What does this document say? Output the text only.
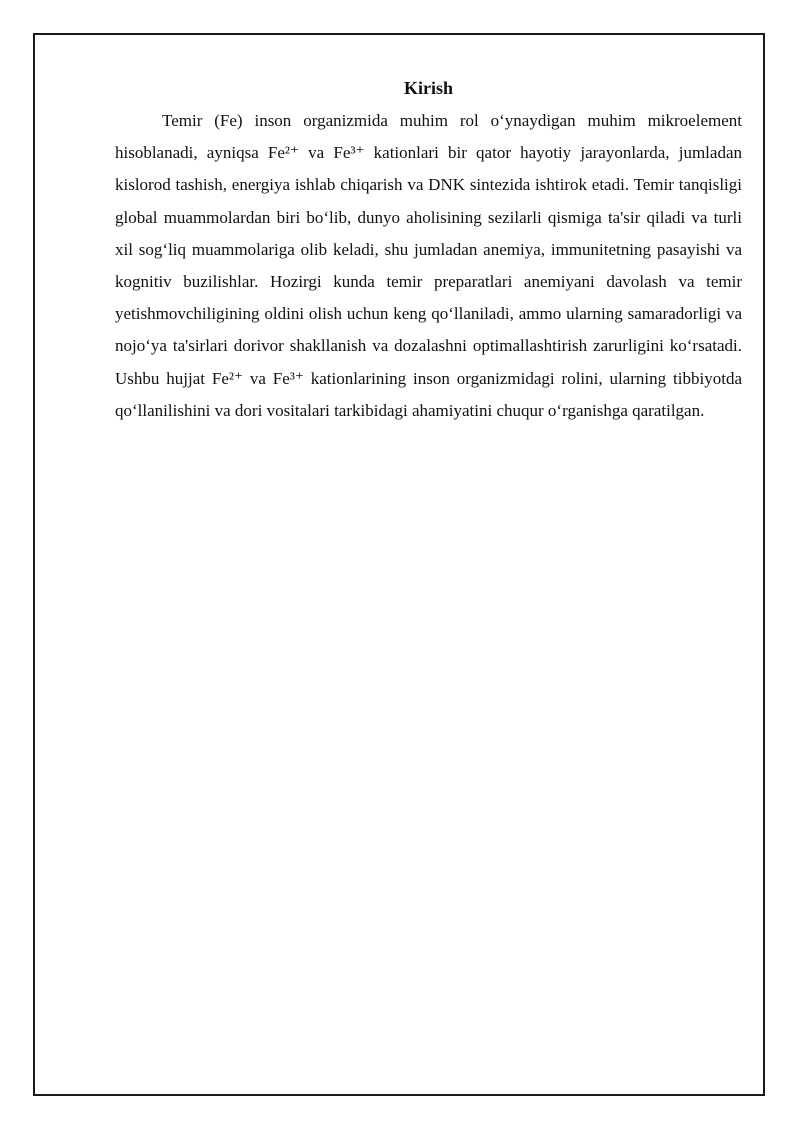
Kirish

Temir (Fe) inson organizmida muhim rol o‘ynaydigan muhim mikroelement hisoblanadi, ayniqsa Fe²⁺ va Fe³⁺ kationlari bir qator hayotiy jarayonlarda, jumladan kislorod tashish, energiya ishlab chiqarish va DNK sintezida ishtirok etadi. Temir tanqisligi global muammolardan biri bo‘lib, dunyo aholisining sezilarli qismiga ta'sir qiladi va turli xil sog‘liq muammolariga olib keladi, shu jumladan anemiya, immunitetning pasayishi va kognitiv buzilishlar. Hozirgi kunda temir preparatlari anemiyani davolash va temir yetishmovchiligining oldini olish uchun keng qo‘llaniladi, ammo ularning samaradorligi va nojo‘ya ta'sirlari dorivor shakllanish va dozalashni optimallashtirish zarurligini ko‘rsatadi. Ushbu hujjat Fe²⁺ va Fe³⁺ kationlarining inson organizmidagi rolini, ularning tibbiyotda qo‘llanilishini va dori vositalari tarkibidagi ahamiyatini chuqur o‘rganishga qaratilgan.
